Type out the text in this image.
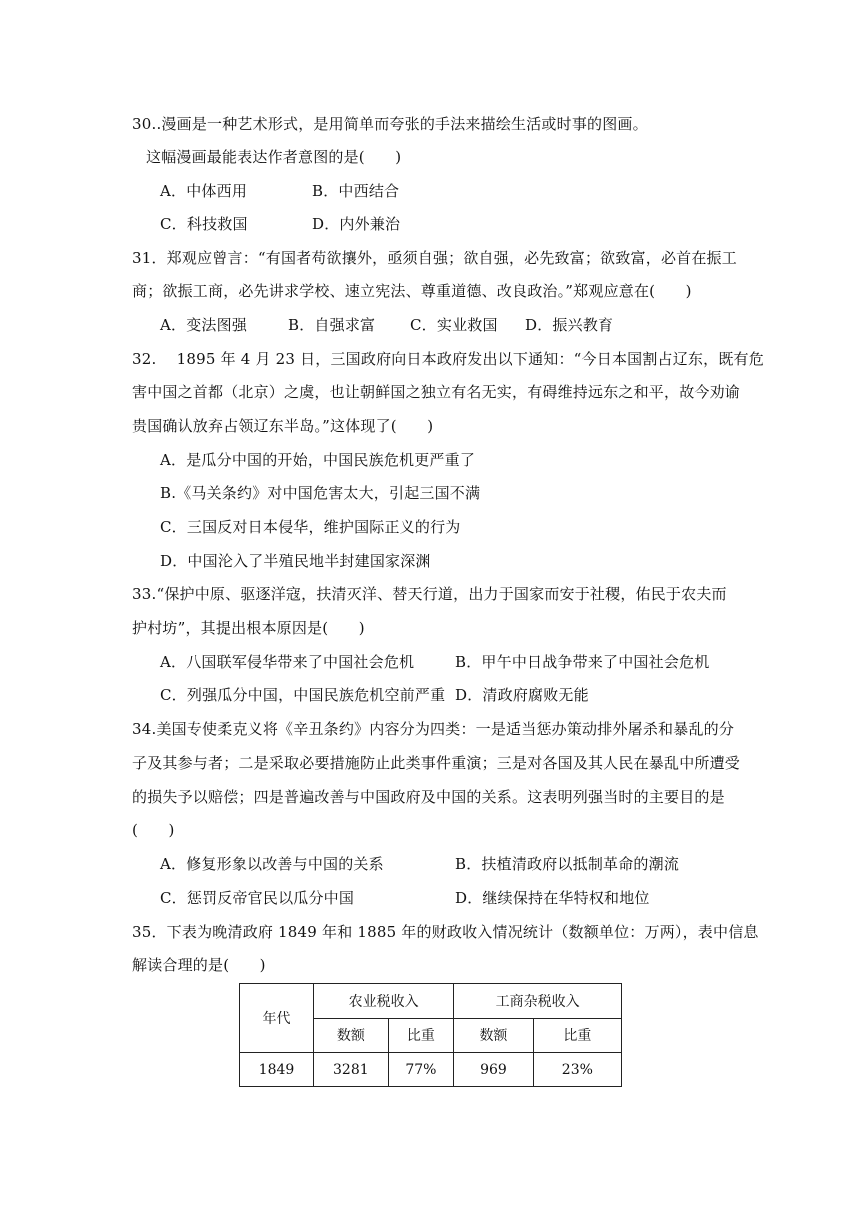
30..漫画是一种艺术形式，是用简单而夸张的手法来描绘生活或时事的图画。
这幅漫画最能表达作者意图的是(　　)
A．中体西用	B．中西结合
C．科技救国	D．内外兼治
31．郑观应曾言：“有国者苟欲攘外，亟须自强；欲自强，必先致富；欲致富，必首在振工
商；欲振工商，必先讲求学校、速立宪法、尊重道德、改良政治。”郑观应意在(　　)
A．变法图强	B．自强求富 C．实业救国 D．振兴教育
32.　 1895 年 4 月 23 日，三国政府向日本政府发出以下通知：“今日本国割占辽东，既有危
害中国之首都（北京）之虞，也让朝鲜国之独立有名无实，有碍维持远东之和平，故今劝谕
贵国确认放弃占领辽东半岛。”这体现了(　　)
A．是瓜分中国的开始，中国民族危机更严重了
B.《马关条约》对中国危害太大，引起三国不满
C．三国反对日本侵华，维护国际正义的行为
D．中国沦入了半殖民地半封建国家深渊
33.“保护中原、驱逐洋寇，扶清灭洋、替天行道，出力于国家而安于社稷，佑民于农夫而
护村坊”，其提出根本原因是(　　)
A．八国联军侵华带来了中国社会危机	B．甲午中日战争带来了中国社会危机
C．列强瓜分中国，中国民族危机空前严重 D．清政府腐败无能
34.美国专使柔克义将《辛丑条约》内容分为四类：一是适当惩办策动排外屠杀和暴乱的分
子及其参与者；二是采取必要措施防止此类事件重演；三是对各国及其人民在暴乱中所遭受
的损失予以赔偿；四是普遍改善与中国政府及中国的关系。这表明列强当时的主要目的是
(　　)
A．修复形象以改善与中国的关系	B．扶植清政府以抵制革命的潮流
C．惩罚反帝官民以瓜分中国	D．继续保持在华特权和地位
35．下表为晚清政府 1849 年和 1885 年的财政收入情况统计（数额单位：万两），表中信息
解读合理的是(　　)
年代	农业税收入		工商杂税收入	
	数额	比重	数额	比重
1849	3281	77%	969	23%
